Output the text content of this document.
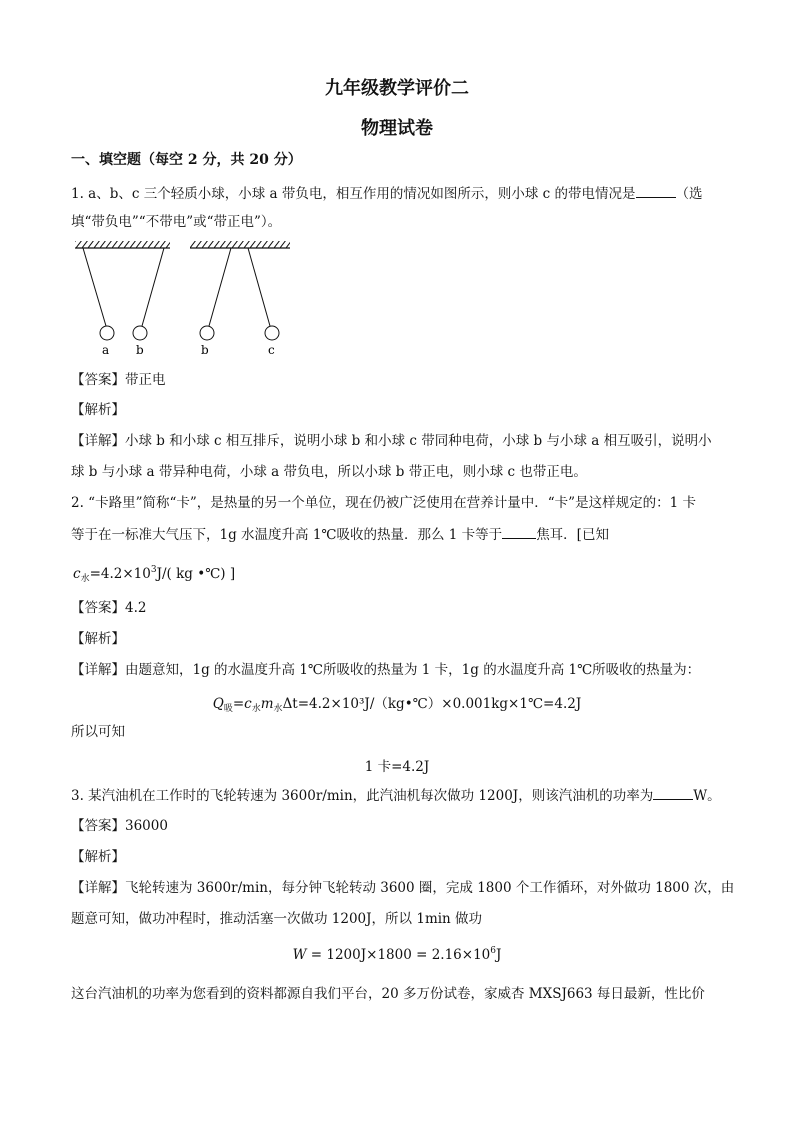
九年级教学评价二
物理试卷
一、填空题（每空 2 分，共 20 分）
1. a、b、c 三个轻质小球，小球 a 带负电，相互作用的情况如图所示，则小球 c 的带电情况是	（选
填“带负电”“不带电”或“带正电”）。
a b	b	c
【答案】带正电
【解析】
【详解】小球 b 和小球 c 相互排斥，说明小球 b 和小球 c 带同种电荷，小球 b 与小球 a 相互吸引，说明小
球 b 与小球 a 带异种电荷，小球 a 带负电，所以小球 b 带正电，则小球 c 也带正电。
2. “卡路里”简称“卡”，是热量的另一个单位，现在仍被广泛使用在营养计量中．“卡”是这样规定的：1 卡
等于在一标准大气压下，1g 水温度升高 1℃吸收的热量．那么 1 卡等于	焦耳．[已知
$c_水=4.2\times 10^3J/$( kg •℃) ]
【答案】4.2
【解析】
【详解】由题意知，1g 的水温度升高 1℃所吸收的热量为 1 卡，1g 的水温度升高 1℃所吸收的热量为：
$Q_吸=c_水m_水\Delta t=4.2\times 10^3J/(kg•℃)\times 0.001kg\times 1℃=4.2J$
所以可知
1 卡=4.2J
3. 某汽油机在工作时的飞轮转速为 3600r/min，此汽油机每次做功 1200J，则该汽油机的功率为	W。
【答案】36000
【解析】
【详解】飞轮转速为 3600r/min，每分钟飞轮转动 3600 圈，完成 1800 个工作循环，对外做功 1800 次，由
题意可知，做功冲程时，推动活塞一次做功 1200J，所以 1min 做功
$W = 1200J\times 1800 = 2.16\times 10^6J$
这台汽油机的功率为您看到的资料都源自我们平台，20 多万份试卷，家威杏 MXSJ663 每日最新，性比价
